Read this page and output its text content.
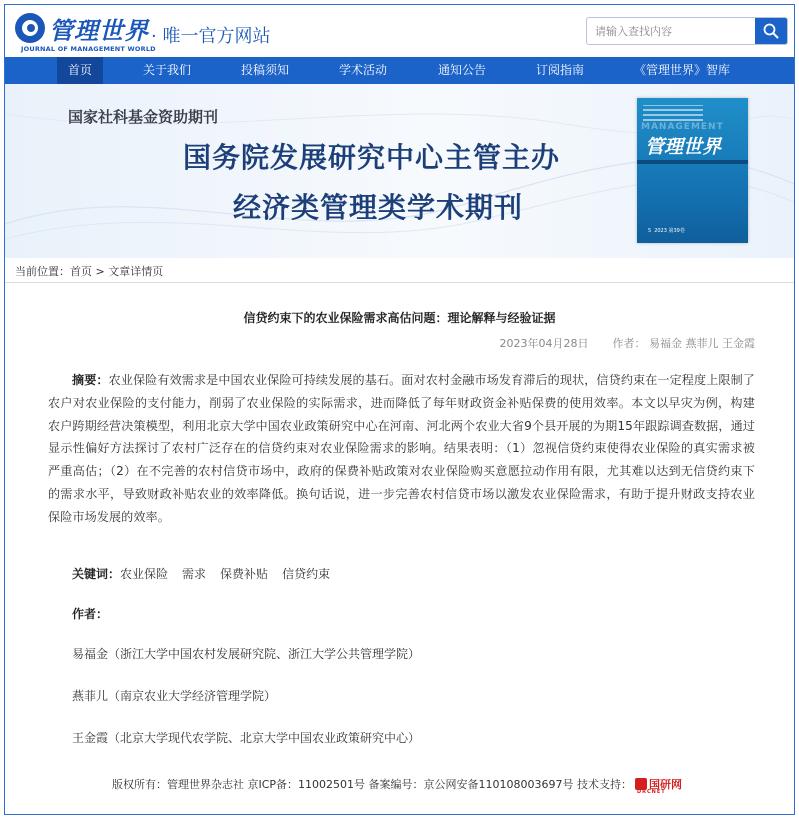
管理世界
JOURNAL OF MANAGEMENT WORLD
· 唯一官方网站
请输入查找内容
首页	关于我们	投稿须知	学术活动	通知公告	订阅指南	《管理世界》智库
国家社科基金资助期刊
国务院发展研究中心主管主办
经济类管理类学术期刊
MANAGEMENT
管理世界
5 2023 第39卷
当前位置：首页 > 文章详情页
信贷约束下的农业保险需求高估问题：理论解释与经验证据
2023年04月28日 作者： 易福金 燕菲儿 王金霞
摘要：农业保险有效需求是中国农业保险可持续发展的基石。面对农村金融市场发育滞后的现状，信贷约束在一定程度上限制了农户对农业保险的支付能力，削弱了农业保险的实际需求，进而降低了每年财政资金补贴保费的使用效率。本文以早灾为例，构建农户跨期经营决策模型，利用北京大学中国农业政策研究中心在河南、河北两个农业大省9个县开展的为期15年跟踪调查数据，通过显示性偏好方法探讨了农村广泛存在的信贷约束对农业保险需求的影响。结果表明：（1）忽视信贷约束使得农业保险的真实需求被严重高估；（2）在不完善的农村信贷市场中，政府的保费补贴政策对农业保险购买意愿拉动作用有限，尤其难以达到无信贷约束下的需求水平，导致财政补贴农业的效率降低。换句话说，进一步完善农村信贷市场以激发农业保险需求，有助于提升财政支持农业保险市场发展的效率。
关键词：农业保险 需求 保费补贴 信贷约束
作者：
易福金（浙江大学中国农村发展研究院、浙江大学公共管理学院）
燕菲儿（南京农业大学经济管理学院）
王金霞（北京大学现代农学院、北京大学中国农业政策研究中心）
版权所有：管理世界杂志社 京ICP备：11002501号 备案编号：京公网安备110108003697号 技术支持： 国研网
DRCNET
